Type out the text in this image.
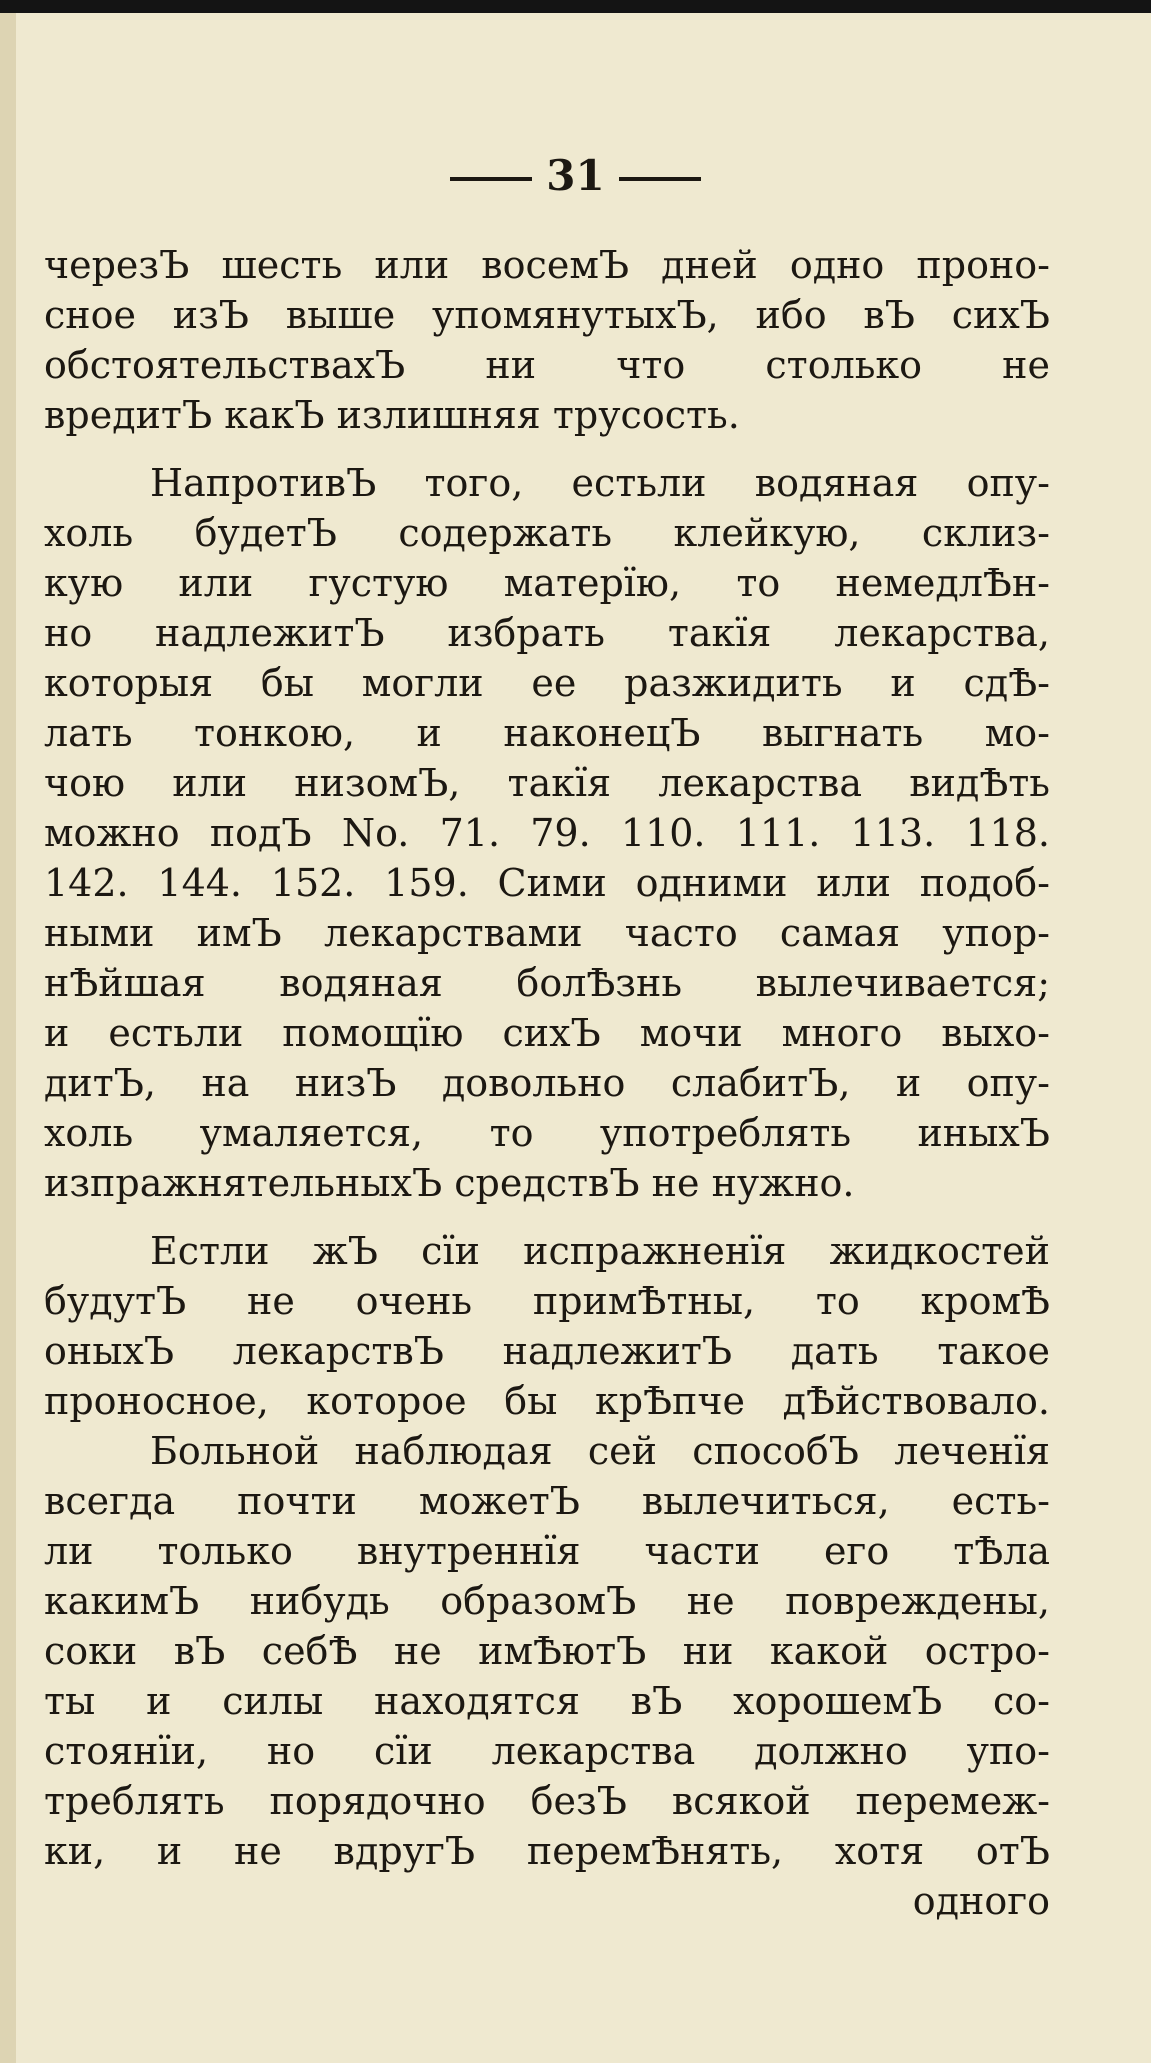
31

черезЪ шесть или восемЪ дней одно проно-

сное изЪ выше упомянутыхЪ, ибо вЪ сихЪ

обстоятельствахЪ ни что столько не

вредитЪ какЪ излишняя трусость.

НапротивЪ того, естьли водяная опу-

холь будетЪ содержать клейкую, склиз-

кую или густую матерїю, то немедлѢн-

но надлежитЪ избрать такїя лекарства,

которыя бы могли ее разжидить и сдѢ-

лать тонкою, и наконецЪ выгнать мо-

чою или низомЪ, такїя лекарства видѢть

можно подЪ No. 71. 79. 110. 111. 113. 118.

142. 144. 152. 159. Сими одними или подоб-

ными имЪ лекарствами часто самая упор-

нѢйшая водяная болѢзнь вылечивается;

и естьли помощїю сихЪ мочи много выхо-

дитЪ, на низЪ довольно слабитЪ, и опу-

холь умаляется, то употреблять иныхЪ

изпражнятельныхЪ средствЪ не нужно.

Естли жЪ сїи испражненїя жидкостей

будутЪ не очень примѢтны, то кромѢ

оныхЪ лекарствЪ надлежитЪ дать такое

проносное, которое бы крѢпче дѢйствовало.

Больной наблюдая сей способЪ леченїя

всегда почти можетЪ вылечиться, есть-

ли только внутреннїя части его тѢла

какимЪ нибудь образомЪ не повреждены,

соки вЪ себѢ не имѢютЪ ни какой остро-

ты и силы находятся вЪ хорошемЪ со-

стоянїи, но сїи лекарства должно упо-

треблять порядочно безЪ всякой перемеж-

ки, и не вдругЪ перемѢнять, хотя отЪ

одного
